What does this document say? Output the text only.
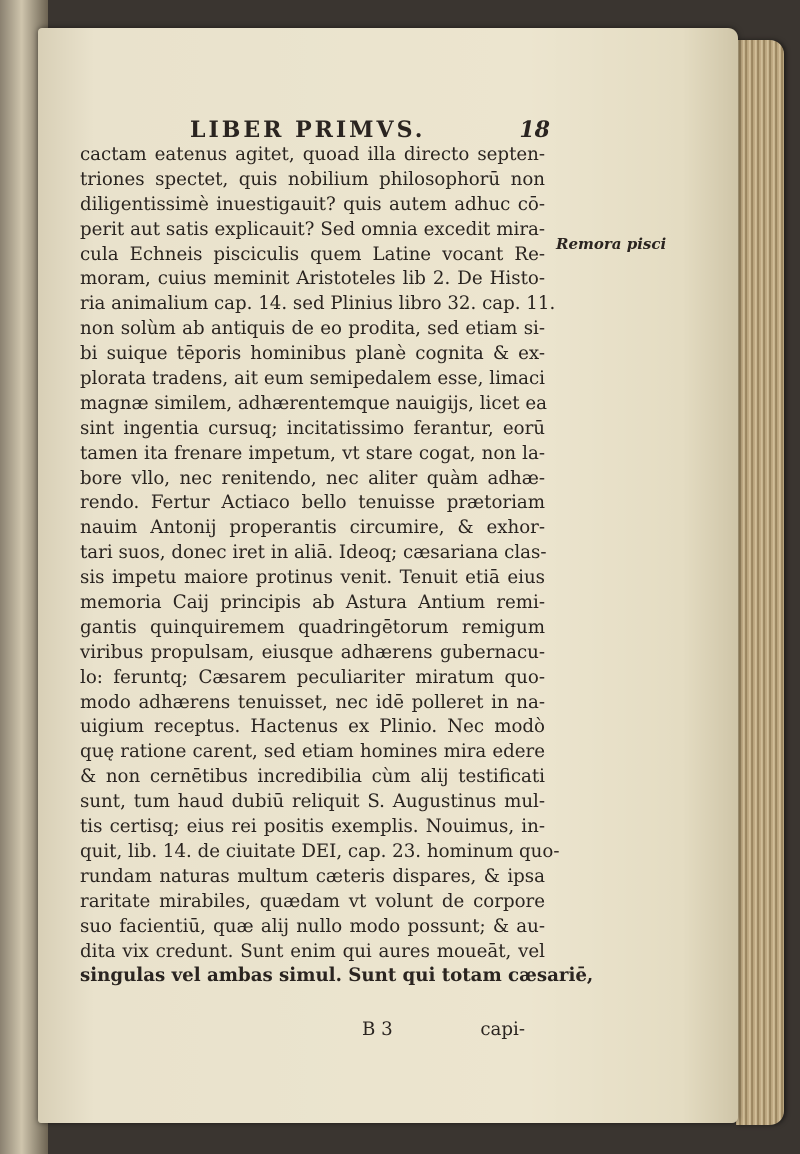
LIBER PRIMVS.	18
Remora pisci
cactam eatenus agitet, quoad illa directo septen-
triones spectet, quis nobilium philosophorū non
diligentissimè inuestigauit? quis autem adhuc cō-
perit aut satis explicauit? Sed omnia excedit mira-
cula Echneis pisciculis quem Latine vocant Re-
moram, cuius meminit Aristoteles lib 2. De Histo-
ria animalium cap. 14. sed Plinius libro 32. cap. 11.
non solùm ab antiquis de eo prodita, sed etiam si-
bi suique tēporis hominibus planè cognita & ex-
plorata tradens, ait eum semipedalem esse, limaci
magnæ similem, adhærentemque nauigijs, licet ea
sint ingentia cursuq; incitatissimo ferantur, eorū
tamen ita frenare impetum, vt stare cogat, non la-
bore vllo, nec renitendo, nec aliter quàm adhæ-
rendo. Fertur Actiaco bello tenuisse prætoriam
nauim Antonij properantis circumire, & exhor-
tari suos, donec iret in aliā. Ideoq; cæsariana clas-
sis impetu maiore protinus venit. Tenuit etiā eius
memoria Caij principis ab Astura Antium remi-
gantis quinquiremem quadringētorum remigum
viribus propulsam, eiusque adhærens gubernacu-
lo: feruntq; Cæsarem peculiariter miratum quo-
modo adhærens tenuisset, nec idē polleret in na-
uigium receptus. Hactenus ex Plinio. Nec modò
quę ratione carent, sed etiam homines mira edere
& non cernētibus incredibilia cùm alij testificati
sunt, tum haud dubiū reliquit S. Augustinus mul-
tis certisq; eius rei positis exemplis. Nouimus, in-
quit, lib. 14. de ciuitate DEI, cap. 23. hominum quo-
rundam naturas multum cæteris dispares, & ipsa
raritate mirabiles, quædam vt volunt de corpore
suo facientiū, quæ alij nullo modo possunt; & au-
dita vix credunt. Sunt enim qui aures moueāt, vel
singulas vel ambas simul. Sunt qui totam cæsariē,
B 3	capi-
